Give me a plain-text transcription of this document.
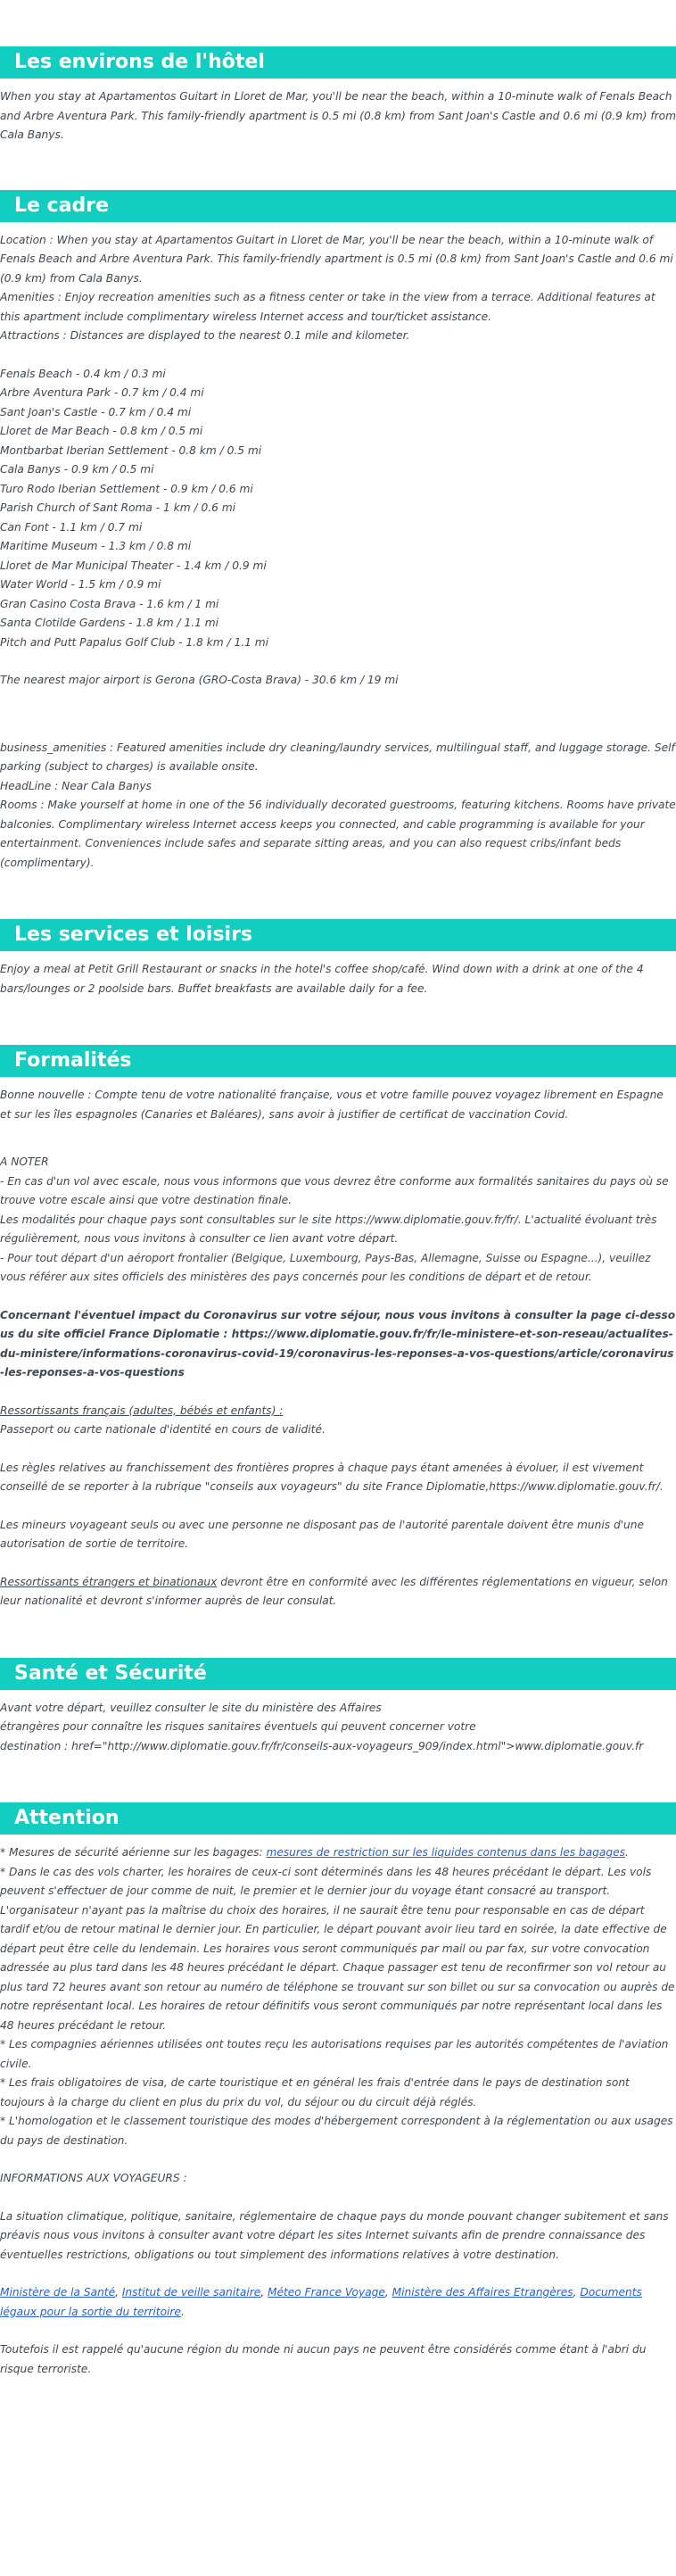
Les environs de l'hôtel

When you stay at Apartamentos Guitart in Lloret de Mar, you'll be near the beach, within a 10-minute walk of Fenals Beach and Arbre Aventura Park. This family-friendly apartment is 0.5 mi (0.8 km) from Sant Joan's Castle and 0.6 mi (0.9 km) from Cala Banys.

Le cadre

Location : When you stay at Apartamentos Guitart in Lloret de Mar, you'll be near the beach, within a 10-minute walk of Fenals Beach and Arbre Aventura Park. This family-friendly apartment is 0.5 mi (0.8 km) from Sant Joan's Castle and 0.6 mi (0.9 km) from Cala Banys.

Amenities : Enjoy recreation amenities such as a fitness center or take in the view from a terrace. Additional features at this apartment include complimentary wireless Internet access and tour/ticket assistance.

Attractions : Distances are displayed to the nearest 0.1 mile and kilometer.

Fenals Beach - 0.4 km / 0.3 mi

Arbre Aventura Park - 0.7 km / 0.4 mi

Sant Joan's Castle - 0.7 km / 0.4 mi

Lloret de Mar Beach - 0.8 km / 0.5 mi

Montbarbat Iberian Settlement - 0.8 km / 0.5 mi

Cala Banys - 0.9 km / 0.5 mi

Turo Rodo Iberian Settlement - 0.9 km / 0.6 mi

Parish Church of Sant Roma - 1 km / 0.6 mi

Can Font - 1.1 km / 0.7 mi

Maritime Museum - 1.3 km / 0.8 mi

Lloret de Mar Municipal Theater - 1.4 km / 0.9 mi

Water World - 1.5 km / 0.9 mi

Gran Casino Costa Brava - 1.6 km / 1 mi

Santa Clotilde Gardens - 1.8 km / 1.1 mi

Pitch and Putt Papalus Golf Club - 1.8 km / 1.1 mi

The nearest major airport is Gerona (GRO-Costa Brava) - 30.6 km / 19 mi

business_amenities : Featured amenities include dry cleaning/laundry services, multilingual staff, and luggage storage. Self parking (subject to charges) is available onsite.

HeadLine : Near Cala Banys

Rooms : Make yourself at home in one of the 56 individually decorated guestrooms, featuring kitchens. Rooms have private balconies. Complimentary wireless Internet access keeps you connected, and cable programming is available for your entertainment. Conveniences include safes and separate sitting areas, and you can also request cribs/infant beds (complimentary).

Les services et loisirs

Enjoy a meal at Petit Grill Restaurant or snacks in the hotel's coffee shop/café. Wind down with a drink at one of the 4 bars/lounges or 2 poolside bars. Buffet breakfasts are available daily for a fee.

Formalités

Bonne nouvelle : Compte tenu de votre nationalité française, vous et votre famille pouvez voyagez librement en Espagne et sur les îles espagnoles (Canaries et Baléares), sans avoir à justifier de certificat de vaccination Covid.

A NOTER

- En cas d'un vol avec escale, nous vous informons que vous devrez être conforme aux formalités sanitaires du pays où se trouve votre escale ainsi que votre destination finale.

Les modalités pour chaque pays sont consultables sur le site https://www.diplomatie.gouv.fr/fr/. L'actualité évoluant très régulièrement, nous vous invitons à consulter ce lien avant votre départ.

- Pour tout départ d'un aéroport frontalier (Belgique, Luxembourg, Pays-Bas, Allemagne, Suisse ou Espagne...), veuillez vous référer aux sites officiels des ministères des pays concernés pour les conditions de départ et de retour.

Concernant l'éventuel impact du Coronavirus sur votre séjour, nous vous invitons à consulter la page ci-dessous du site officiel France Diplomatie : https://www.diplomatie.gouv.fr/fr/le-ministere-et-son-reseau/actualites-du-ministere/informations-coronavirus-covid-19/coronavirus-les-reponses-a-vos-questions/article/coronavirus-les-reponses-a-vos-questions

Ressortissants français (adultes, bébés et enfants) :

Passeport ou carte nationale d'identité en cours de validité.

Les règles relatives au franchissement des frontières propres à chaque pays étant amenées à évoluer, il est vivement conseillé de se reporter à la rubrique "conseils aux voyageurs" du site France Diplomatie,https://www.diplomatie.gouv.fr/.

Les mineurs voyageant seuls ou avec une personne ne disposant pas de l'autorité parentale doivent être munis d'une autorisation de sortie de territoire.

Ressortissants étrangers et binationaux devront être en conformité avec les différentes réglementations en vigueur, selon leur nationalité et devront s'informer auprès de leur consulat.

Santé et Sécurité

Avant votre départ, veuillez consulter le site du ministère des Affaires

étrangères pour connaître les risques sanitaires éventuels qui peuvent concerner votre

destination : href="http://www.diplomatie.gouv.fr/fr/conseils-aux-voyageurs_909/index.html">www.diplomatie.gouv.fr

Attention

* Mesures de sécurité aérienne sur les bagages: mesures de restriction sur les liquides contenus dans les bagages.

* Dans le cas des vols charter, les horaires de ceux-ci sont déterminés dans les 48 heures précédant le départ. Les vols peuvent s'effectuer de jour comme de nuit, le premier et le dernier jour du voyage étant consacré au transport. L'organisateur n'ayant pas la maîtrise du choix des horaires, il ne saurait être tenu pour responsable en cas de départ tardif et/ou de retour matinal le dernier jour. En particulier, le départ pouvant avoir lieu tard en soirée, la date effective de départ peut être celle du lendemain. Les horaires vous seront communiqués par mail ou par fax, sur votre convocation adressée au plus tard dans les 48 heures précédant le départ. Chaque passager est tenu de reconfirmer son vol retour au plus tard 72 heures avant son retour au numéro de téléphone se trouvant sur son billet ou sur sa convocation ou auprès de notre représentant local. Les horaires de retour définitifs vous seront communiqués par notre représentant local dans les 48 heures précédant le retour.

* Les compagnies aériennes utilisées ont toutes reçu les autorisations requises par les autorités compétentes de l'aviation civile.

* Les frais obligatoires de visa, de carte touristique et en général les frais d'entrée dans le pays de destination sont toujours à la charge du client en plus du prix du vol, du séjour ou du circuit déjà réglés.

* L'homologation et le classement touristique des modes d'hébergement correspondent à la réglementation ou aux usages du pays de destination.

INFORMATIONS AUX VOYAGEURS :

La situation climatique, politique, sanitaire, réglementaire de chaque pays du monde pouvant changer subitement et sans préavis nous vous invitons à consulter avant votre départ les sites Internet suivants afin de prendre connaissance des éventuelles restrictions, obligations ou tout simplement des informations relatives à votre destination.

Ministère de la Santé, Institut de veille sanitaire, Méteo France Voyage, Ministère des Affaires Etrangères, Documents légaux pour la sortie du territoire.

Toutefois il est rappelé qu'aucune région du monde ni aucun pays ne peuvent être considérés comme étant à l'abri du risque terroriste.
